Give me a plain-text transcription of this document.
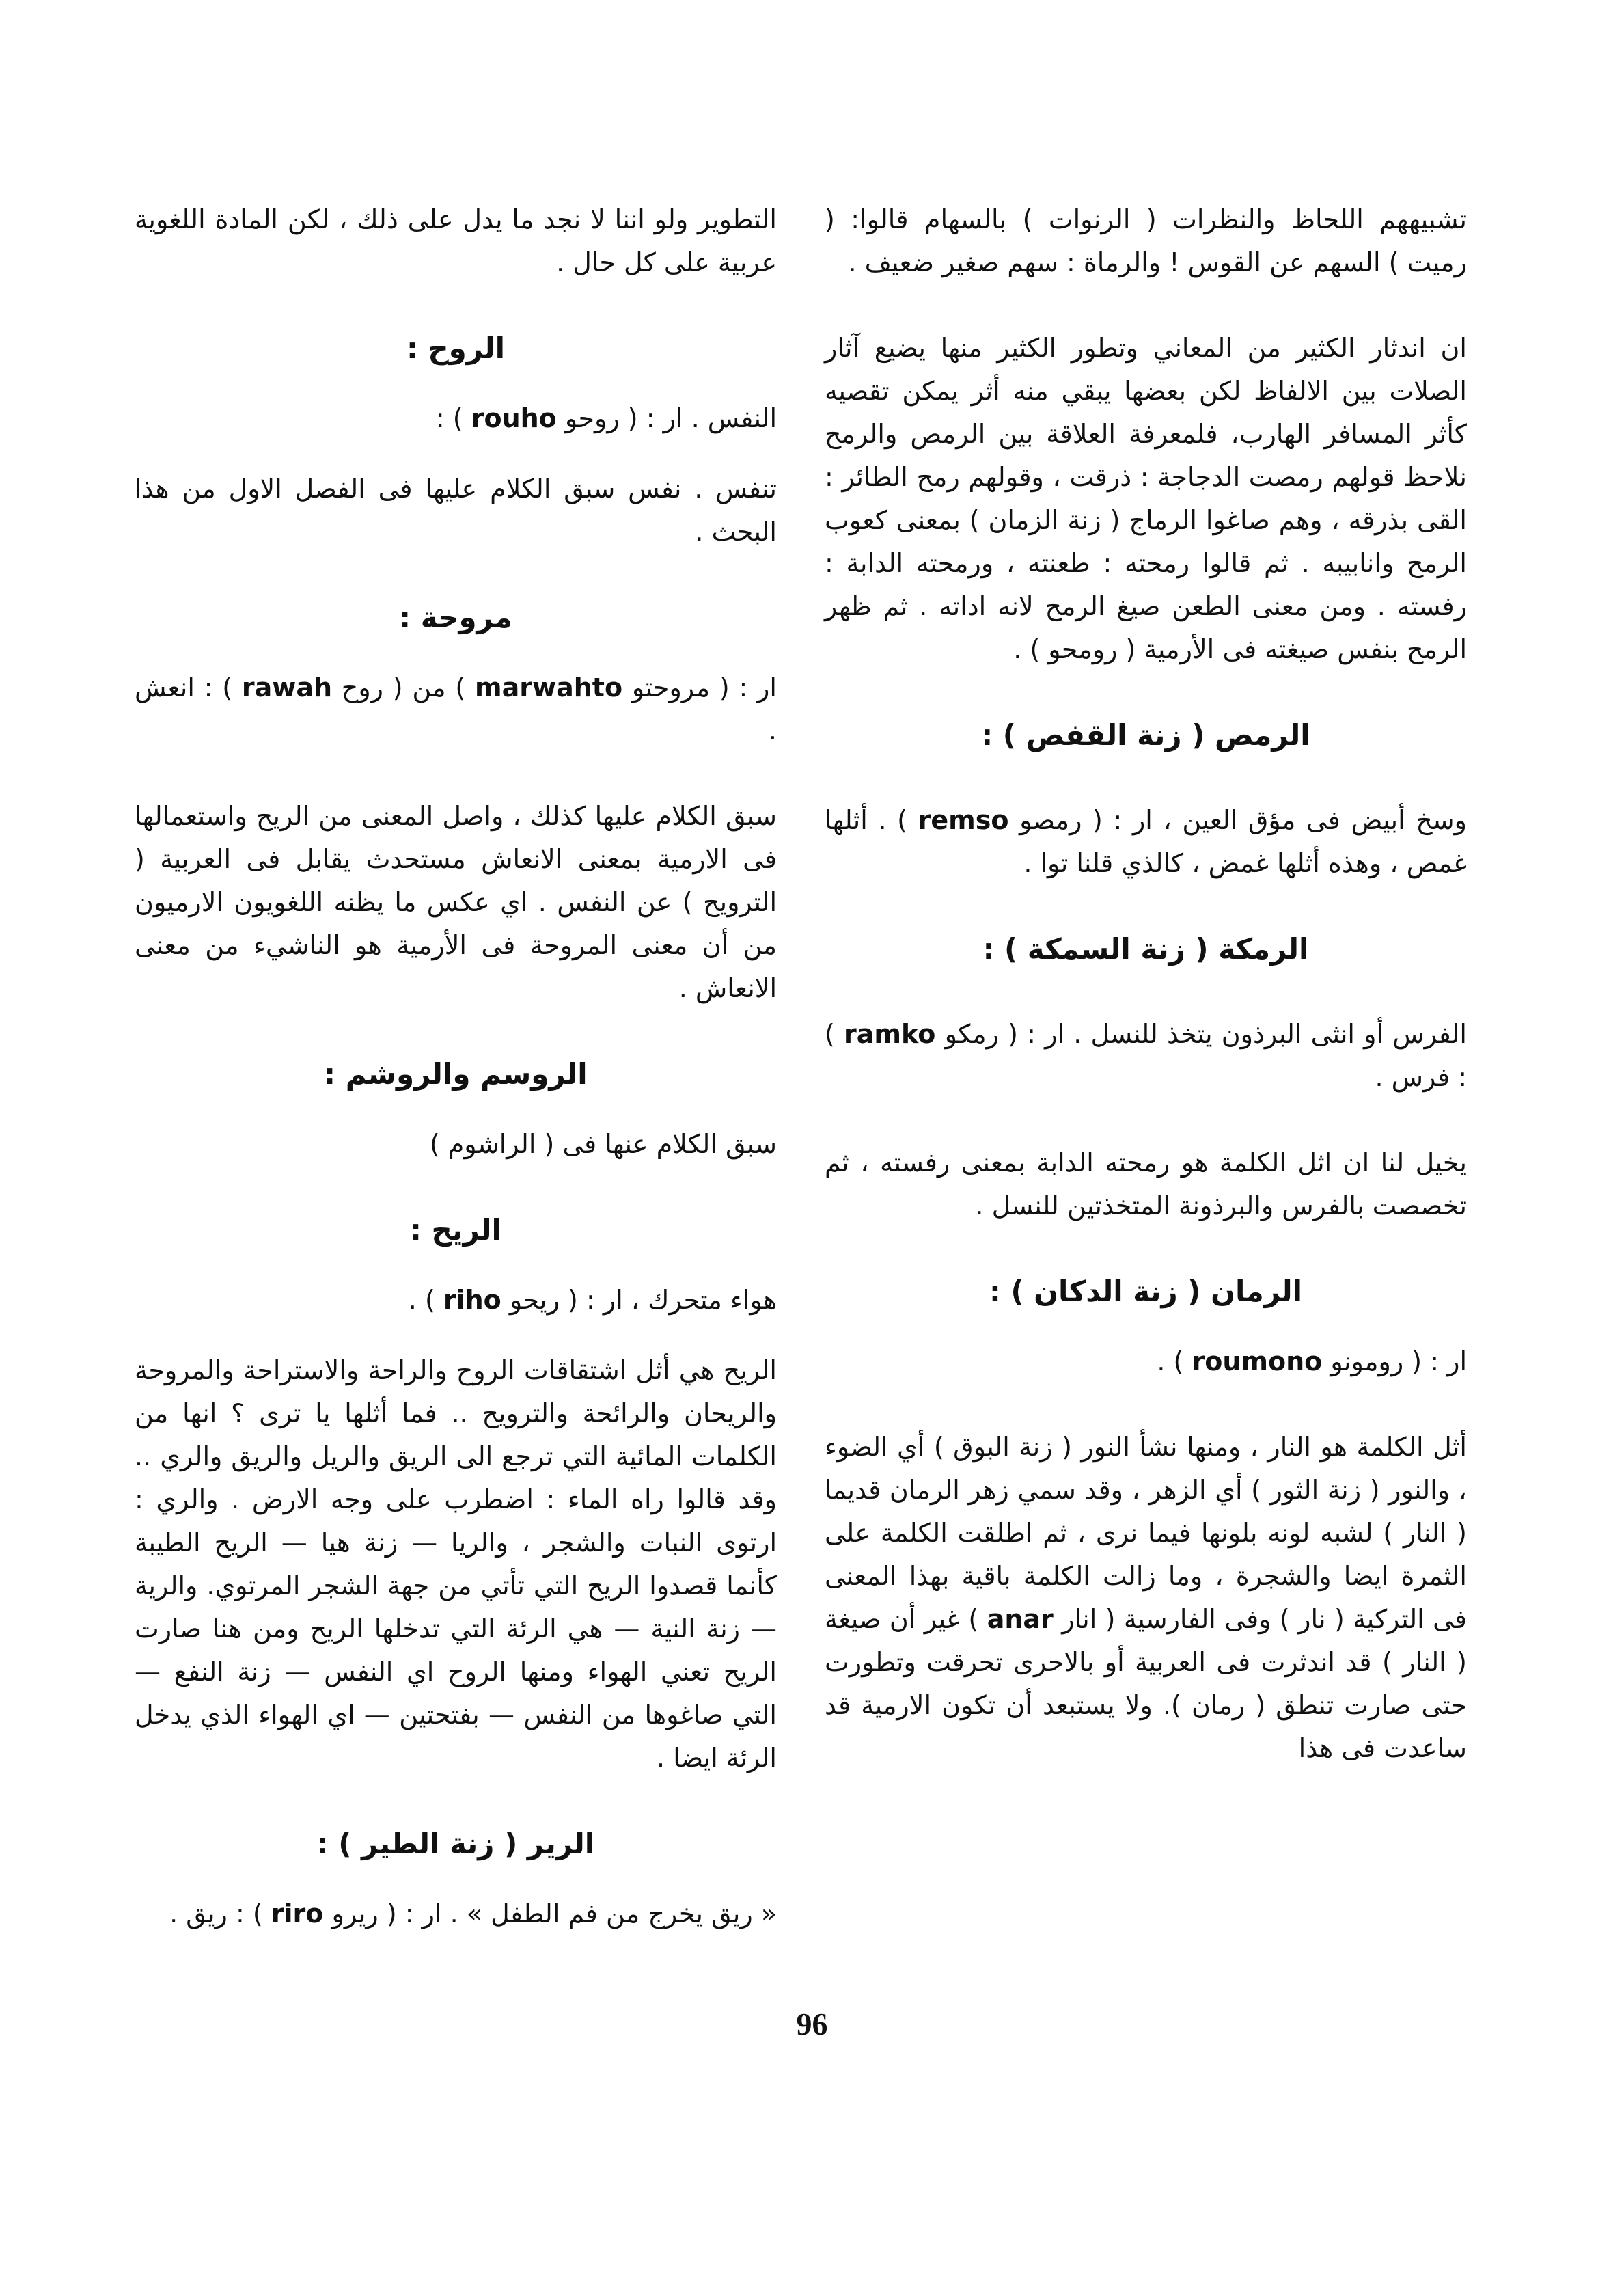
تشبيههم اللحاظ والنظرات ( الرنوات ) بالسهام قالوا: ( رميت ) السهم عن القوس ! والرماة : سهم صغير ضعيف .

ان اندثار الكثير من المعاني وتطور الكثير منها يضيع آثار الصلات بين الالفاظ لكن بعضها يبقي منه أثر يمكن تقصيه كأثر المسافر الهارب، فلمعرفة العلاقة بين الرمص والرمح نلاحظ قولهم رمصت الدجاجة : ذرقت ، وقولهم رمح الطائر : القى بذرقه ، وهم صاغوا الرماج ( زنة الزمان ) بمعنى كعوب الرمح وانابيبه . ثم قالوا رمحته : طعنته ، ورمحته الدابة : رفسته . ومن معنى الطعن صيغ الرمح لانه اداته . ثم ظهر الرمح بنفس صيغته فى الأرمية ( رومحو ) .

الرمص ( زنة القفص ) :

وسخ أبيض فى مؤق العين ، ار : ( رمصو remso ) . أثلها غمص ، وهذه أثلها غمض ، كالذي قلنا توا .

الرمكة ( زنة السمكة ) :

الفرس أو انثى البرذون يتخذ للنسل . ار : ( رمكو ramko ) : فرس .

يخيل لنا ان اثل الكلمة هو رمحته الدابة بمعنى رفسته ، ثم تخصصت بالفرس والبرذونة المتخذتين للنسل .

الرمان ( زنة الدكان ) :

ار : ( رومونو roumono ) .

أثل الكلمة هو النار ، ومنها نشأ النور ( زنة البوق ) أي الضوء ، والنور ( زنة الثور ) أي الزهر ، وقد سمي زهر الرمان قديما ( النار ) لشبه لونه بلونها فيما نرى ، ثم اطلقت الكلمة على الثمرة ايضا والشجرة ، وما زالت الكلمة باقية بهذا المعنى فى التركية ( نار ) وفى الفارسية ( انار anar ) غير أن صيغة ( النار ) قد اندثرت فى العربية أو بالاحرى تحرقت وتطورت حتى صارت تنطق ( رمان ). ولا يستبعد أن تكون الارمية قد ساعدت فى هذا

التطوير ولو اننا لا نجد ما يدل على ذلك ، لكن المادة اللغوية عربية على كل حال .

الروح :

النفس . ار : ( روحو rouho ) :

تنفس . نفس سبق الكلام عليها فى الفصل الاول من هذا البحث .

مروحة :

ار : ( مروحتو marwahto ) من ( روح rawah ) : انعش .

سبق الكلام عليها كذلك ، واصل المعنى من الريح واستعمالها فى الارمية بمعنى الانعاش مستحدث يقابل فى العربية ( الترويح ) عن النفس . اي عكس ما يظنه اللغويون الارميون من أن معنى المروحة فى الأرمية هو الناشيء من معنى الانعاش .

الروسم والروشم :

سبق الكلام عنها فى ( الراشوم )

الريح :

هواء متحرك ، ار : ( ريحو riho ) .

الريح هي أثل اشتقاقات الروح والراحة والاستراحة والمروحة والريحان والرائحة والترويح .. فما أثلها يا ترى ؟ انها من الكلمات المائية التي ترجع الى الريق والريل والريق والري .. وقد قالوا راه الماء : اضطرب على وجه الارض . والري : ارتوى النبات والشجر ، والريا — زنة هيا — الريح الطيبة كأنما قصدوا الريح التي تأتي من جهة الشجر المرتوي. والرية — زنة النية — هي الرئة التي تدخلها الريح ومن هنا صارت الريح تعني الهواء ومنها الروح اي النفس — زنة النفع — التي صاغوها من النفس — بفتحتين — اي الهواء الذي يدخل الرئة ايضا .

الرير ( زنة الطير ) :

« ريق يخرج من فم الطفل » . ار : ( ريرو riro ) : ريق .

96
